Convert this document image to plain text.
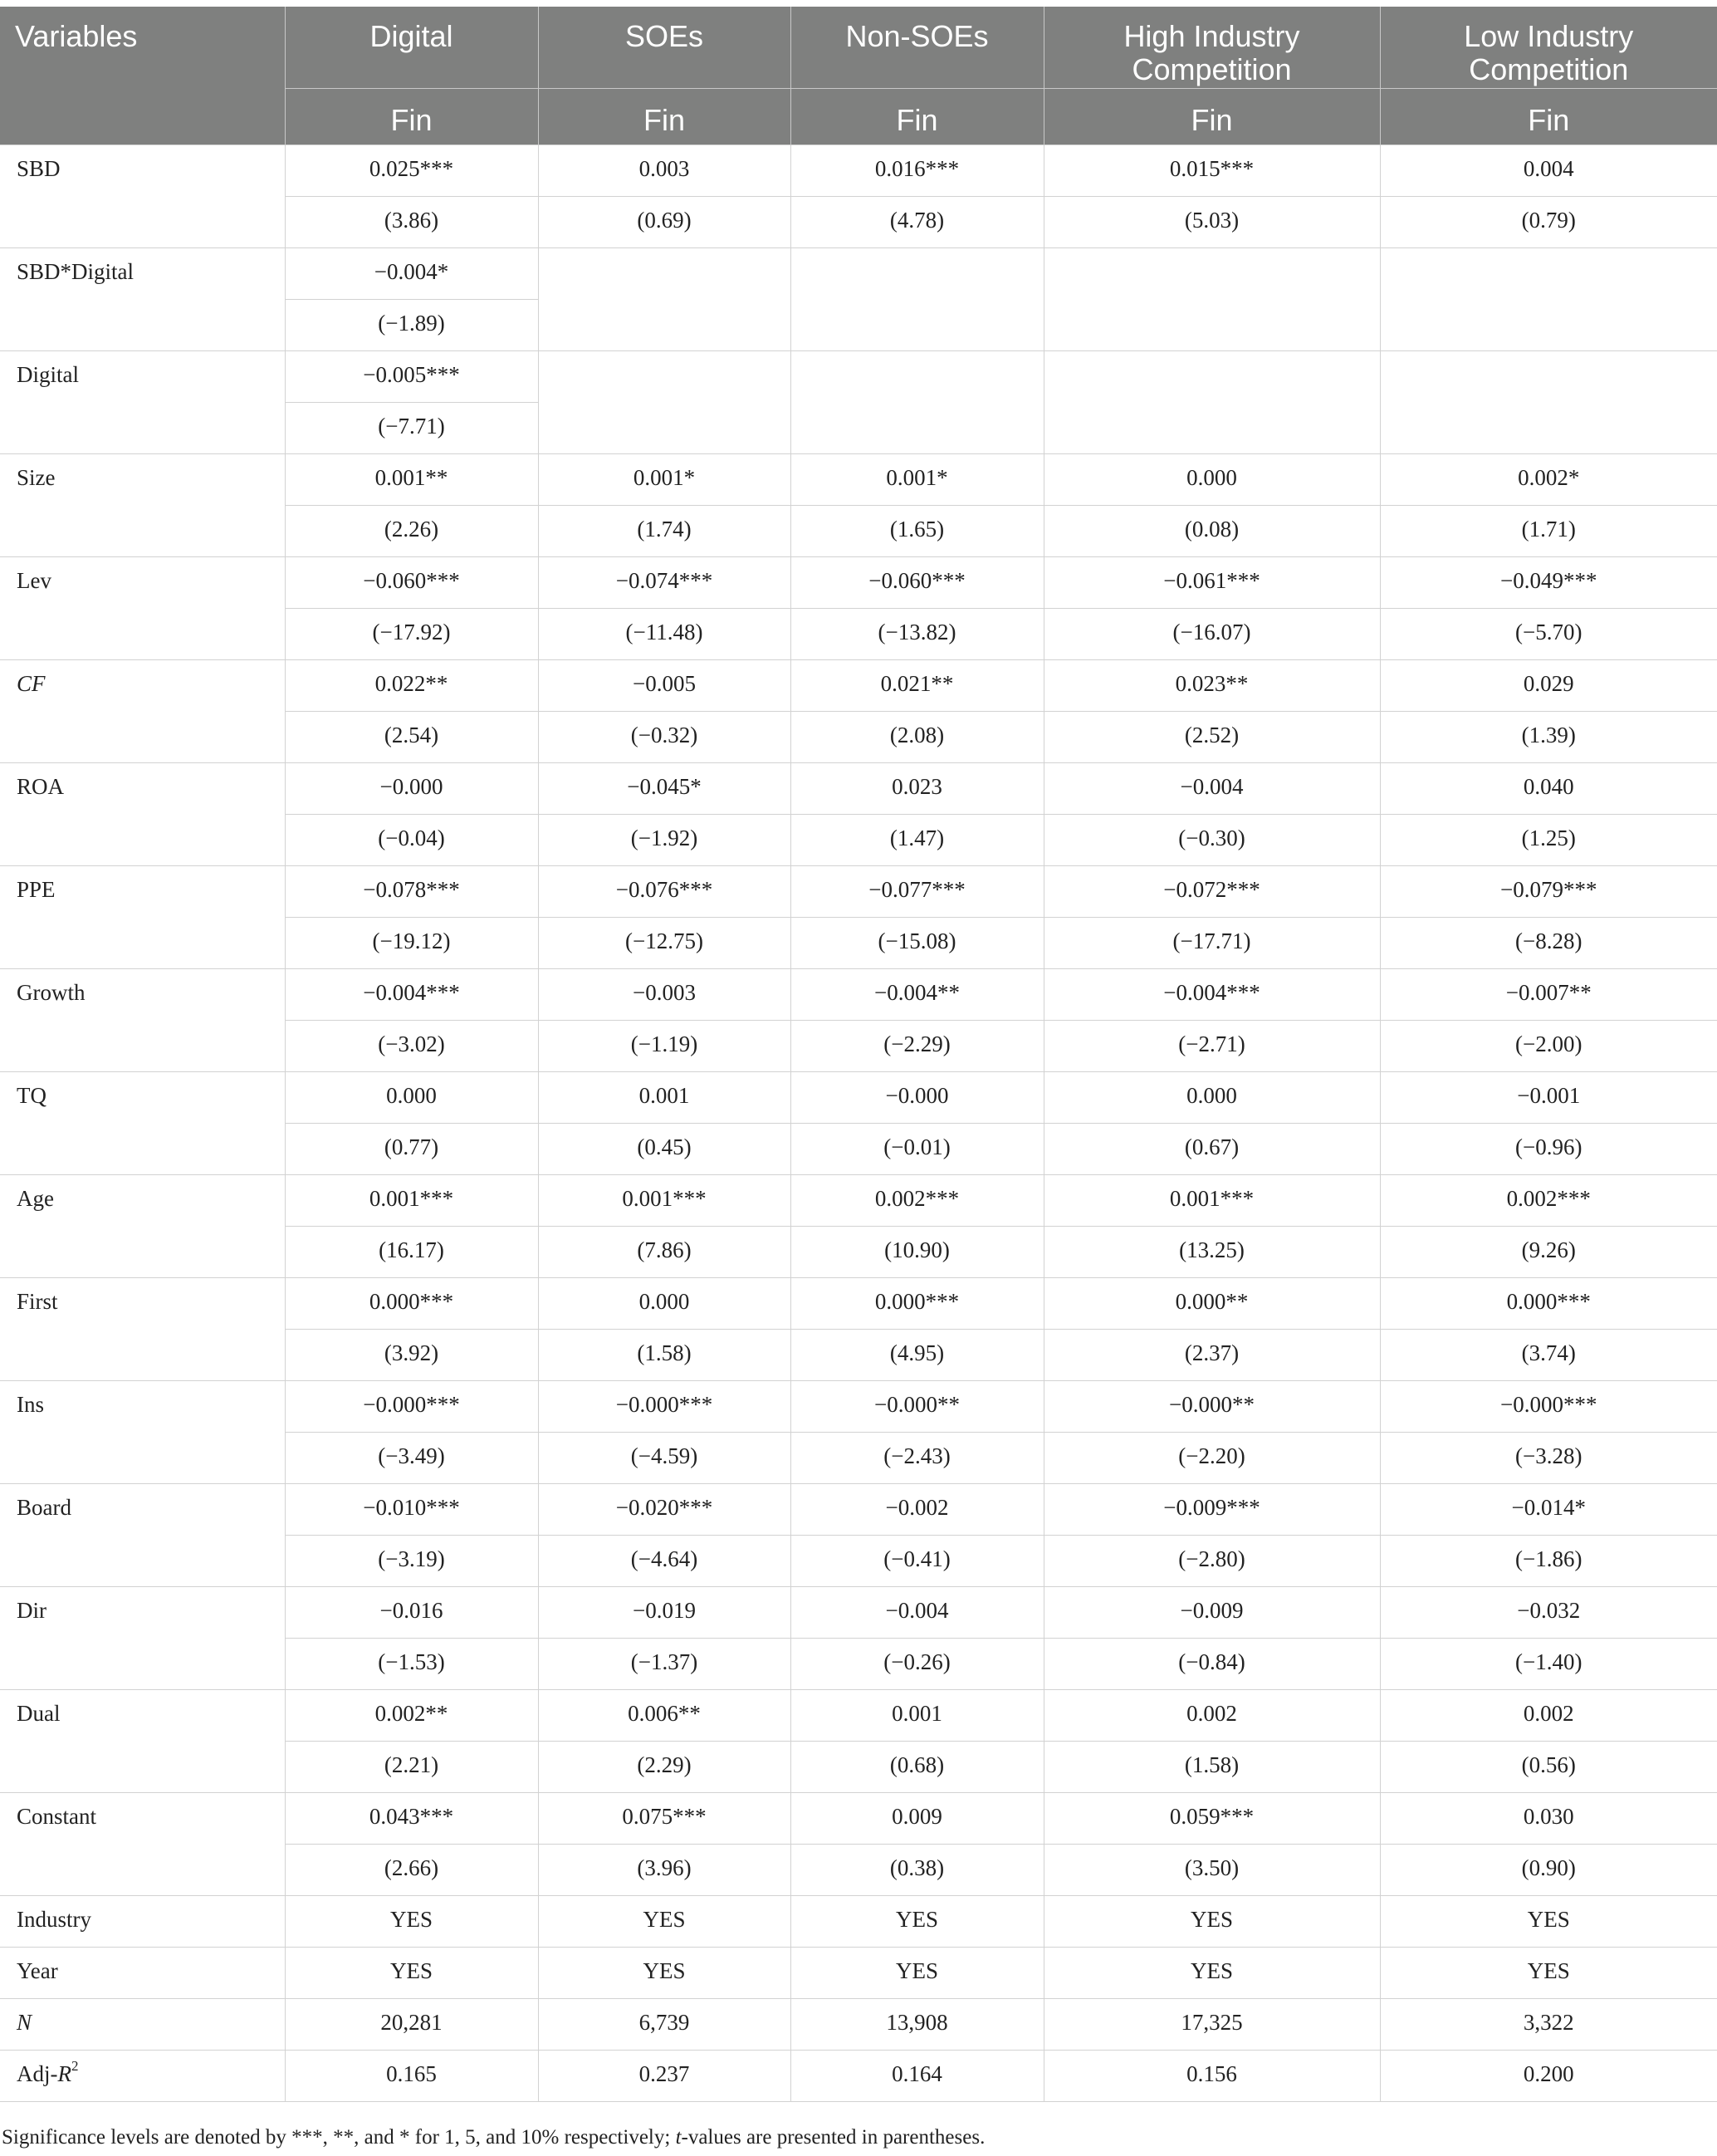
Variables	Digital	SOEs	Non-SOEs	High Industry Competition	Low Industry Competition
	Fin	Fin	Fin	Fin	Fin
SBD	0.025***	0.003	0.016***	0.015***	0.004
	(3.86)	(0.69)	(4.78)	(5.03)	(0.79)
SBD*Digital	−0.004*				
	(−1.89)				
Digital	−0.005***				
	(−7.71)				
Size	0.001**	0.001*	0.001*	0.000	0.002*
	(2.26)	(1.74)	(1.65)	(0.08)	(1.71)
Lev	−0.060***	−0.074***	−0.060***	−0.061***	−0.049***
	(−17.92)	(−11.48)	(−13.82)	(−16.07)	(−5.70)
CF	0.022**	−0.005	0.021**	0.023**	0.029
	(2.54)	(−0.32)	(2.08)	(2.52)	(1.39)
ROA	−0.000	−0.045*	0.023	−0.004	0.040
	(−0.04)	(−1.92)	(1.47)	(−0.30)	(1.25)
PPE	−0.078***	−0.076***	−0.077***	−0.072***	−0.079***
	(−19.12)	(−12.75)	(−15.08)	(−17.71)	(−8.28)
Growth	−0.004***	−0.003	−0.004**	−0.004***	−0.007**
	(−3.02)	(−1.19)	(−2.29)	(−2.71)	(−2.00)
TQ	0.000	0.001	−0.000	0.000	−0.001
	(0.77)	(0.45)	(−0.01)	(0.67)	(−0.96)
Age	0.001***	0.001***	0.002***	0.001***	0.002***
	(16.17)	(7.86)	(10.90)	(13.25)	(9.26)
First	0.000***	0.000	0.000***	0.000**	0.000***
	(3.92)	(1.58)	(4.95)	(2.37)	(3.74)
Ins	−0.000***	−0.000***	−0.000**	−0.000**	−0.000***
	(−3.49)	(−4.59)	(−2.43)	(−2.20)	(−3.28)
Board	−0.010***	−0.020***	−0.002	−0.009***	−0.014*
	(−3.19)	(−4.64)	(−0.41)	(−2.80)	(−1.86)
Dir	−0.016	−0.019	−0.004	−0.009	−0.032
	(−1.53)	(−1.37)	(−0.26)	(−0.84)	(−1.40)
Dual	0.002**	0.006**	0.001	0.002	0.002
	(2.21)	(2.29)	(0.68)	(1.58)	(0.56)
Constant	0.043***	0.075***	0.009	0.059***	0.030
	(2.66)	(3.96)	(0.38)	(3.50)	(0.90)
Industry	YES	YES	YES	YES	YES
Year	YES	YES	YES	YES	YES
N	20,281	6,739	13,908	17,325	3,322
Adj-$R^2$	0.165	0.237	0.164	0.156	0.200
Significance levels are denoted by ***, **, and * for 1, 5, and 10% respectively; t-values are presented in parentheses.
